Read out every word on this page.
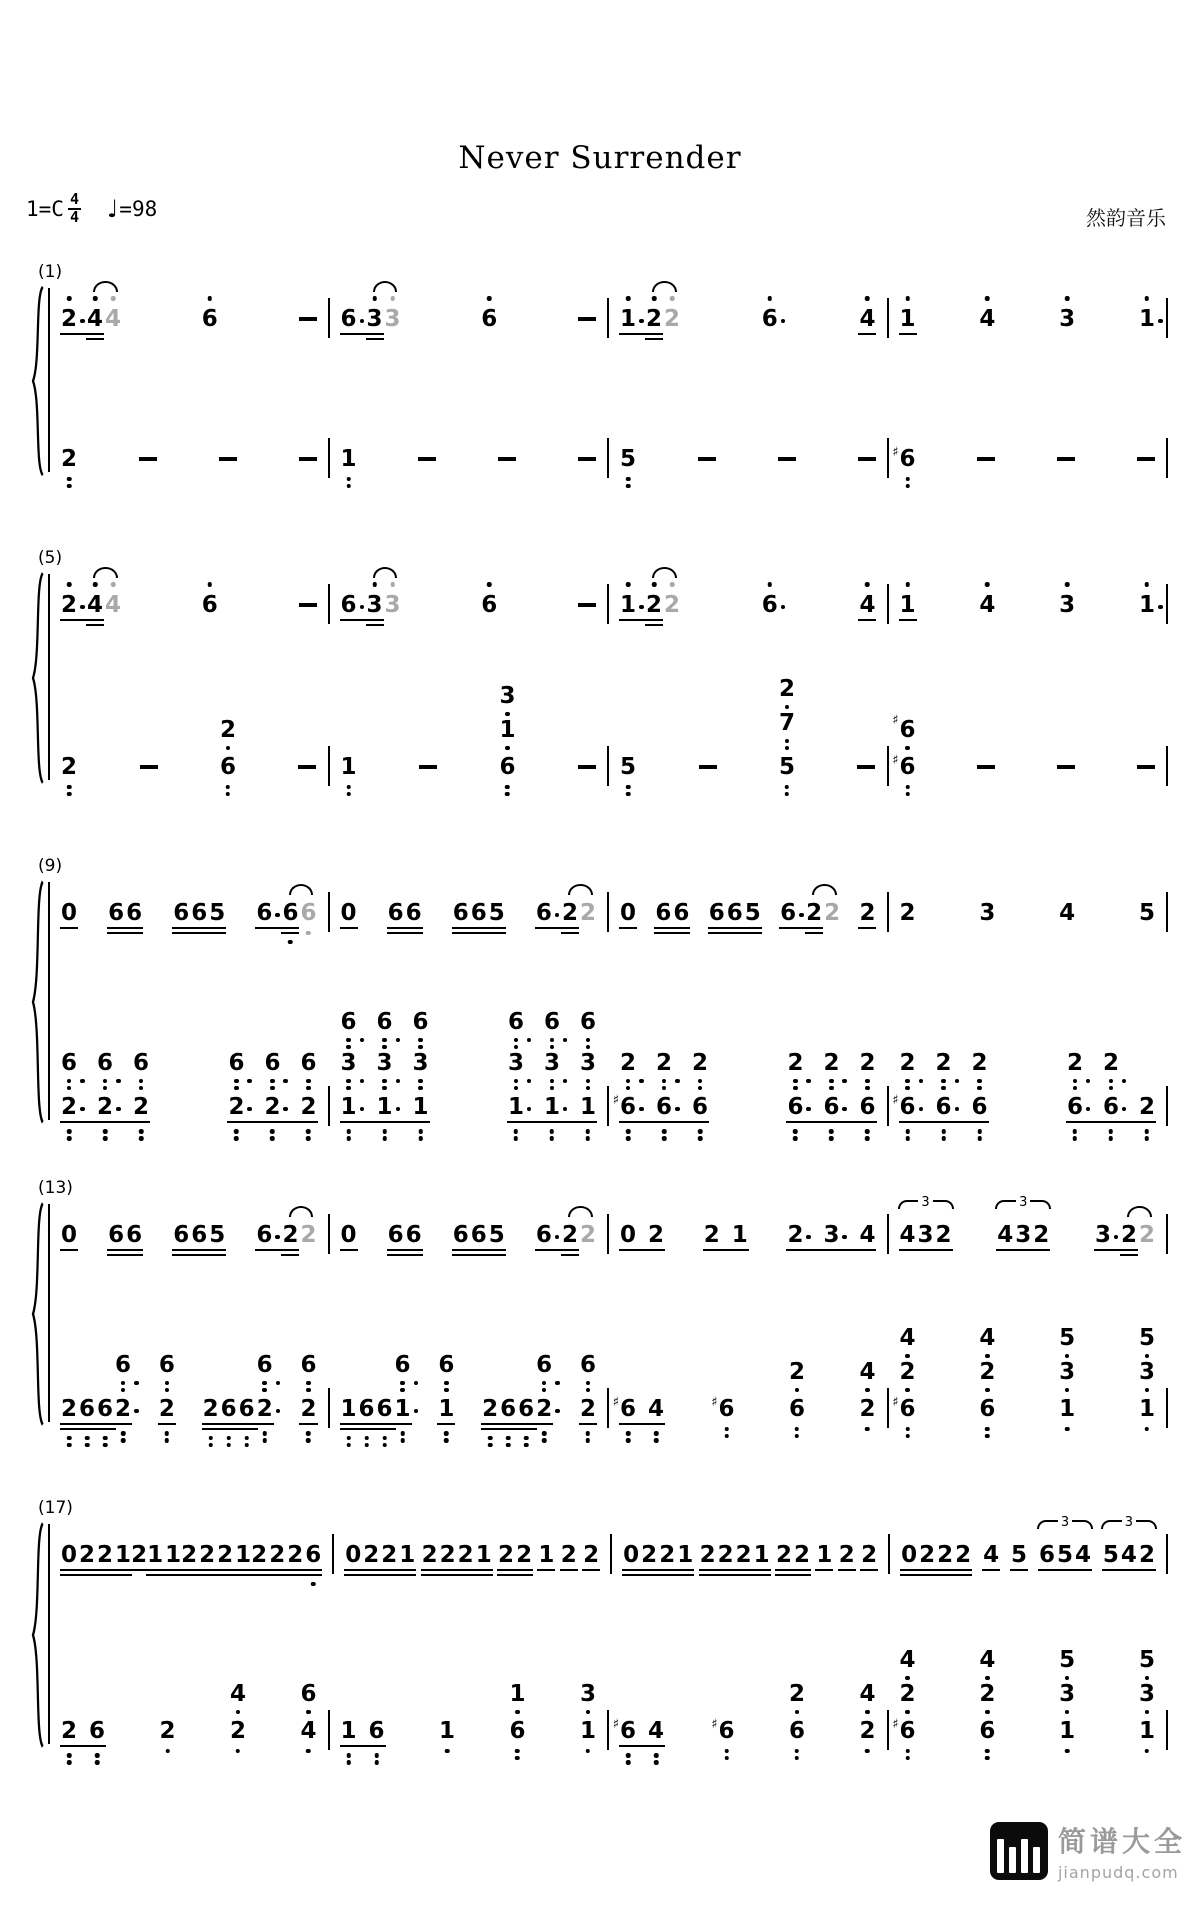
Never Surrender
$1=C \frac{4}{4}$ ♩ =98	然韵音乐
(1)
2 4 4	6	6 3 3	6	1 2 2	6	4 1	4	3	1
2	1	5	♯ 6
(5)
2 4 4	6	6 3 3	6	1 2 2	6	4 1	4	3	1
2
2
6	1
3
1
6	5
2
7
5
♯ 6
♯ 6
(9)
0 6 6 6 6 5 6 6 6 0 6 6 6 6 5 6 2 2 0 6 6 6 6 5 6 2 2 2 2	3	4	5
6
2
6
2
6
2
6
2
6
2
6
2
6
3
1
6
3
1
6
3
1
6
3
1
6
3
1
6
3
1
2
♯ 6
2
6
2
6
2
6
2
6
2
6
2
♯ 6
2
6
2
6
2
6
2
6 2
(13)
0 6 6 6 6 5 6 2 2 0 6 6 6 6 5 6 2 2 0 2 2 1 2 3 4 4 3 2
3
4 3 2
3
3 2 2
2 6 6
6
2
6
2 2 6 6
6
2
6
2 1 6 6
6
1
6
1 2 6 6
6
2
6
2 ♯ 6 4	♯ 6
2
6
4
2
4
2
♯ 6
4
2
6
5
3
1
5
3
1
(17)
0 2 2 1 2 1 1 2 2 2 1 2 2 2 6 0 2 2 1 2 2 2 1 2 2 1 2 2 0 2 2 1 2 2 2 1 2 2 1 2 2 0 2 2 2 4 5 6 5 4
3
5 4 2
3
2 6 2
4
2
6
4 1 6 1
1
6
3
1 ♯ 6 4	♯ 6
2
6
4
2
4
2
♯ 6
4
2
6
5
3
1
5
3
1
简谱大全
jianpudq.com
